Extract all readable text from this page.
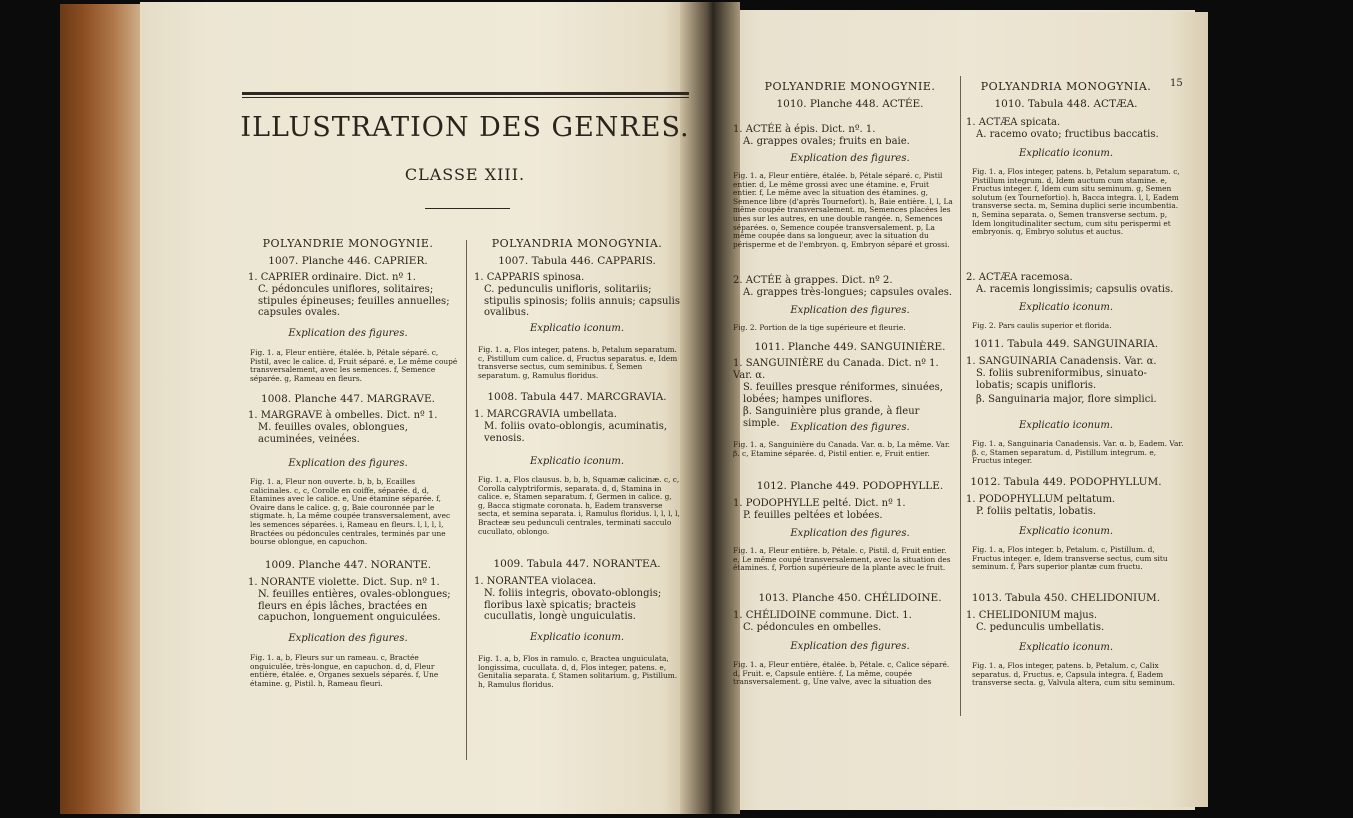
ILLUSTRATION DES GENRES.
CLASSE XIII.
POLYANDRIE MONOGYNIE.
1007. Planche 446. CAPRIER.
1. CAPRIER ordinaire. Dict. nº 1.
C. pédoncules uniflores, solitaires; stipules épineuses; feuilles annuelles; capsules ovales.
Explication des figures.
Fig. 1. a, Fleur entière, étalée. b, Pétale séparé. c, Pistil, avec le calice. d, Fruit séparé. e, Le même coupé transversalement, avec les semences. f, Semence séparée. g, Rameau en fleurs.
1008. Planche 447. MARGRAVE.
1. MARGRAVE à ombelles. Dict. nº 1.
M. feuilles ovales, oblongues, acuminées, veinées.
Explication des figures.
Fig. 1. a, Fleur non ouverte. b, b, b, Ecailles calicinales. c, c, Corolle en coiffe, séparée. d, d, Etamines avec le calice. e, Une étamine séparée. f, Ovaire dans le calice. g, g, Baie couronnée par le stigmate. h, La même coupée transversalement, avec les semences séparées. i, Rameau en fleurs. l, l, l, l, Bractées ou pédoncules centrales, terminés par une bourse oblongue, en capuchon.
1009. Planche 447. NORANTE.
1. NORANTE violette. Dict. Sup. nº 1.
N. feuilles entières, ovales-oblongues; fleurs en épis lâches, bractées en capuchon, longuement onguiculées.
Explication des figures.
Fig. 1. a, b, Fleurs sur un rameau. c, Bractée onguiculée, très-longue, en capuchon. d, d, Fleur entière, étalée. e, Organes sexuels séparés. f, Une étamine. g, Pistil. h, Rameau fleuri.
POLYANDRIA MONOGYNIA.
1007. Tabula 446. CAPPARIS.
1. CAPPARIS spinosa.
C. pedunculis unifloris, solitariis; stipulis spinosis; foliis annuis; capsulis ovalibus.
Explicatio iconum.
Fig. 1. a, Flos integer, patens. b, Petalum separatum. c, Pistillum cum calice. d, Fructus separatus. e, Idem transverse sectus, cum seminibus. f, Semen separatum. g, Ramulus floridus.
1008. Tabula 447. MARCGRAVIA.
1. MARCGRAVIA umbellata.
M. foliis ovato-oblongis, acuminatis, venosis.
Explicatio iconum.
Fig. 1. a, Flos clausus. b, b, b, Squamæ calicinæ. c, c, Corolla calyptriformis, separata. d, d, Stamina in calice. e, Stamen separatum. f, Germen in calice. g, g, Bacca stigmate coronata. h, Eadem transverse secta, et semina separata. i, Ramulus floridus. l, l, l, l, Bracteæ seu pedunculi centrales, terminati sacculo cucullato, oblongo.
1009. Tabula 447. NORANTEA.
1. NORANTEA violacea.
N. foliis integris, obovato-oblongis; floribus laxè spicatis; bracteis cucullatis, longè unguiculatis.
Explicatio iconum.
Fig. 1. a, b, Flos in ramulo. c, Bractea unguiculata, longissima, cucullata. d, d, Flos integer, patens. e, Genitalia separata. f, Stamen solitarium. g, Pistillum. h, Ramulus floridus.
15
POLYANDRIE MONOGYNIE.
1010. Planche 448. ACTÉE.
1. ACTÉE à épis. Dict. nº. 1.
A. grappes ovales; fruits en baie.
Explication des figures.
Fig. 1. a, Fleur entière, étalée. b, Pétale séparé. c, Pistil entier. d, Le même grossi avec une étamine. e, Fruit entier. f, Le même avec la situation des étamines. g, Semence libre (d'après Tournefort). h, Baie entière. l, l, La même coupée transversalement. m, Semences placées les unes sur les autres, en une double rangée. n, Semences séparées. o, Semence coupée transversalement. p, La même coupée dans sa longueur, avec la situation du périsperme et de l'embryon. q, Embryon séparé et grossi.
2. ACTÉE à grappes. Dict. nº 2.
A. grappes très-longues; capsules ovales.
Explication des figures.
Fig. 2. Portion de la tige supérieure et fleurie.
1011. Planche 449. SANGUINIÈRE.
1. SANGUINIÈRE du Canada. Dict. nº 1. Var. α.
S. feuilles presque réniformes, sinuées, lobées; hampes uniflores.
β. Sanguinière plus grande, à fleur simple.	Explication des figures.
Fig. 1. a, Sanguinière du Canada. Var. α. b, La même. Var. β. c, Etamine séparée. d, Pistil entier. e, Fruit entier.
1012. Planche 449. PODOPHYLLE.
1. PODOPHYLLE pelté. Dict. nº 1.
P. feuilles peltées et lobées.
Explication des figures.
Fig. 1. a, Fleur entière. b, Pétale. c, Pistil. d, Fruit entier. e, Le même coupé transversalement, avec la situation des étamines. f, Portion supérieure de la plante avec le fruit.
1013. Planche 450. CHÉLIDOINE.
1. CHÉLIDOINE commune. Dict. 1.
C. pédoncules en ombelles.
Explication des figures.
Fig. 1. a, Fleur entière, étalée. b, Pétale. c, Calice séparé. d, Fruit. e, Capsule entière. f, La même, coupée transversalement. g, Une valve, avec la situation des
POLYANDRIA MONOGYNIA.
1010. Tabula 448. ACTÆA.
1. ACTÆA spicata.
A. racemo ovato; fructibus baccatis.
Explicatio iconum.
Fig. 1. a, Flos integer, patens. b, Petalum separatum. c, Pistillum integrum. d, Idem auctum cum stamine. e, Fructus integer. f, Idem cum situ seminum. g, Semen solutum (ex Tournefortio). h, Bacca integra. l, l, Eadem transverse secta. m, Semina duplici serie incumbentia. n, Semina separata. o, Semen transverse sectum. p, Idem longitudinaliter sectum, cum situ perispermi et embryonis. q, Embryo solutus et auctus.
2. ACTÆA racemosa.
A. racemis longissimis; capsulis ovatis.
Explicatio iconum.
Fig. 2. Pars caulis superior et florida.
1011. Tabula 449. SANGUINARIA.
1. SANGUINARIA Canadensis. Var. α.
S. foliis subreniformibus, sinuato-lobatis; scapis unifloris.
β. Sanguinaria major, flore simplici.
Explicatio iconum.
Fig. 1. a, Sanguinaria Canadensis. Var. α. b, Eadem. Var. β. c, Stamen separatum. d, Pistillum integrum. e, Fructus integer.
1012. Tabula 449. PODOPHYLLUM.
1. PODOPHYLLUM peltatum.
P. foliis peltatis, lobatis.
Explicatio iconum.
Fig. 1. a, Flos integer. b, Petalum. c, Pistillum. d, Fructus integer. e, Idem transverse sectus, cum situ seminum. f, Pars superior plantæ cum fructu.
1013. Tabula 450. CHELIDONIUM.
1. CHELIDONIUM majus.
C. pedunculis umbellatis.
Explicatio iconum.
Fig. 1. a, Flos integer, patens. b, Petalum. c, Calix separatus. d, Fructus. e, Capsula integra. f, Eadem transverse secta. g, Valvula altera, cum situ seminum.
